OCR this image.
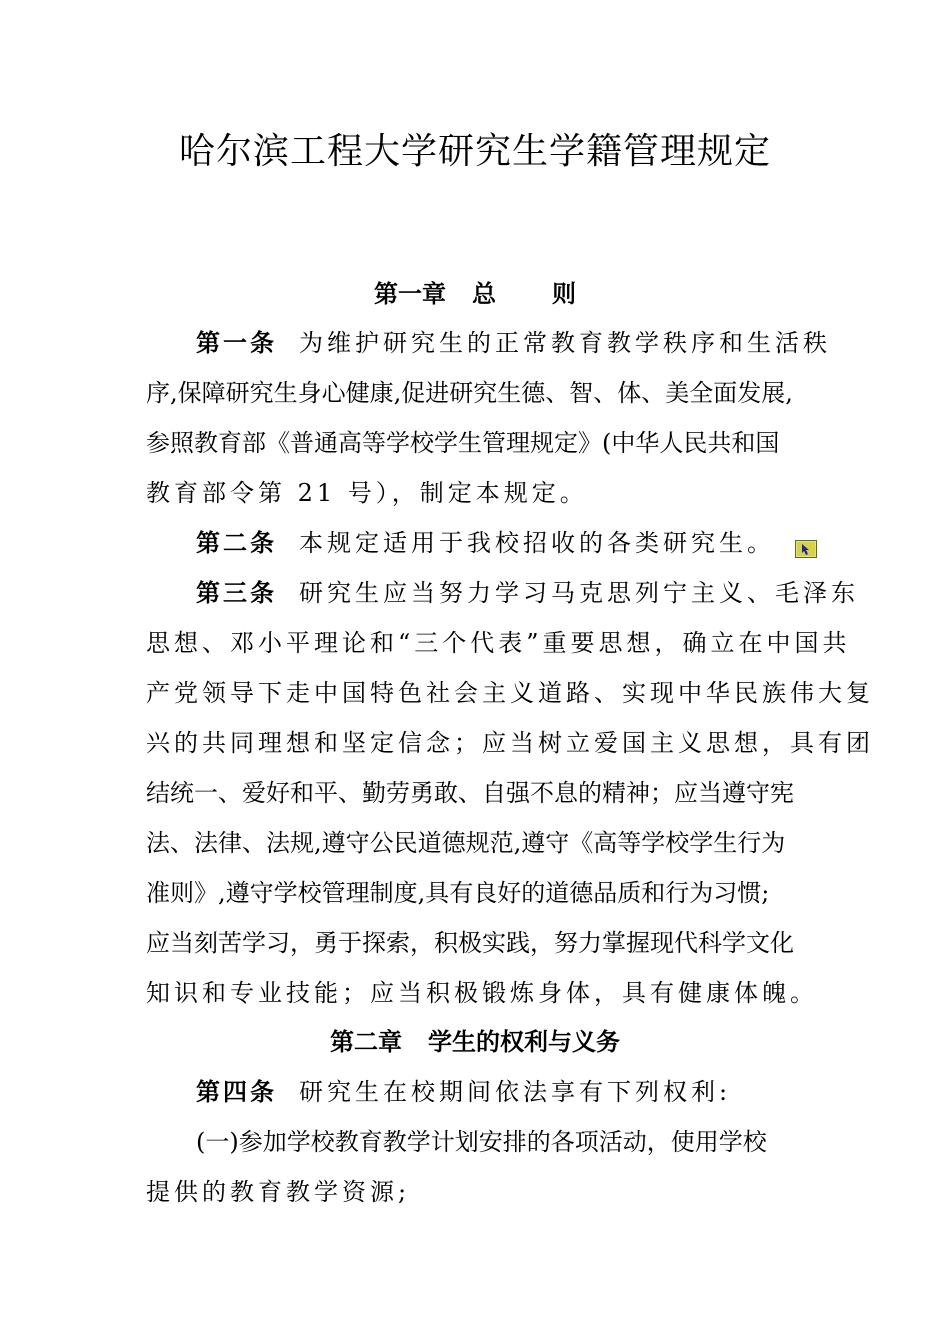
哈尔滨工程大学研究生学籍管理规定
第一章 总 则
第一条 为维护研究生的正常教育教学秩序和生活秩
序,保障研究生身心健康,促进研究生德、智、体、美全面发展,
参照教育部《普通高等学校学生管理规定》(中华人民共和国
教育部令第 21 号），制定本规定。
第二条 本规定适用于我校招收的各类研究生。
第三条 研究生应当努力学习马克思列宁主义、毛泽东
思想、邓小平理论和“三个代表”重要思想，确立在中国共
产党领导下走中国特色社会主义道路、实现中华民族伟大复
兴的共同理想和坚定信念；应当树立爱国主义思想，具有团
结统一、爱好和平、勤劳勇敢、自强不息的精神；应当遵守宪
法、法律、法规,遵守公民道德规范,遵守《高等学校学生行为
准则》,遵守学校管理制度,具有良好的道德品质和行为习惯;
应当刻苦学习，勇于探索，积极实践，努力掌握现代科学文化
知识和专业技能；应当积极锻炼身体，具有健康体魄。
第二章 学生的权利与义务
第四条 研究生在校期间依法享有下列权利:
(一)参加学校教育教学计划安排的各项活动，使用学校
提供的教育教学资源;
